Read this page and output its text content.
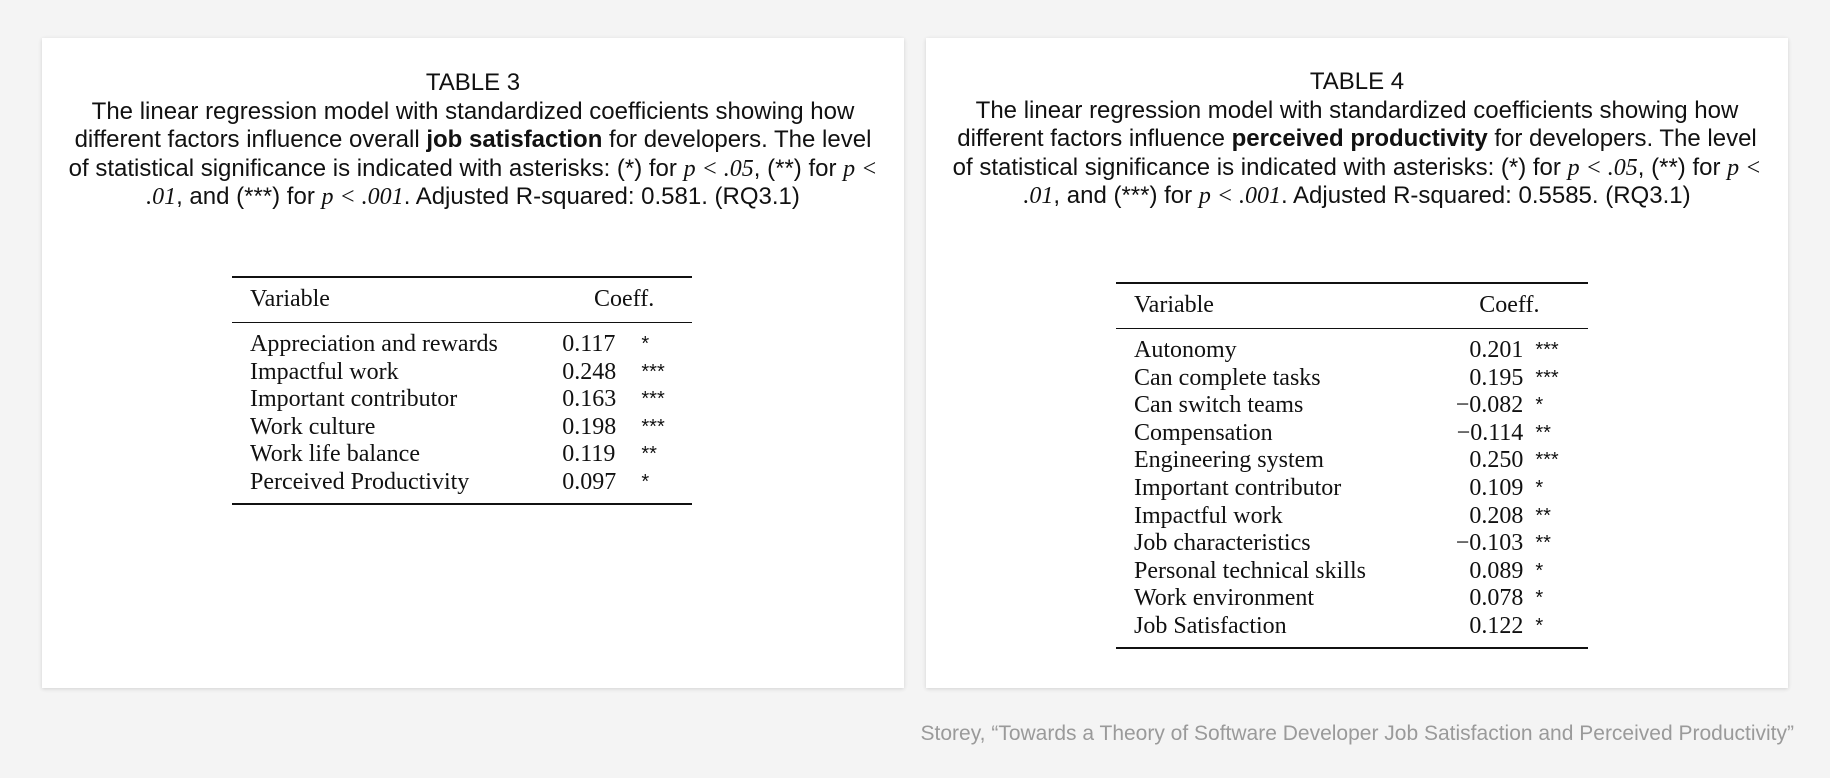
TABLE 3
The linear regression model with standardized coefficients showing how different factors influence overall job satisfaction for developers. The level of statistical significance is indicated with asterisks: (*) for p < .05, (**) for p < .01, and (***) for p < .001. Adjusted R-squared: 0.581. (RQ3.1)
Variable	Coeff.	
Appreciation and rewards	0.117	*
Impactful work	0.248	***
Important contributor	0.163	***
Work culture	0.198	***
Work life balance	0.119	**
Perceived Productivity	0.097	*
TABLE 4
The linear regression model with standardized coefficients showing how different factors influence perceived productivity for developers. The level of statistical significance is indicated with asterisks: (*) for p < .05, (**) for p < .01, and (***) for p < .001. Adjusted R-squared: 0.5585. (RQ3.1)
Variable	Coeff.	
Autonomy	0.201	***
Can complete tasks	0.195	***
Can switch teams	−0.082	*
Compensation	−0.114	**
Engineering system	0.250	***
Important contributor	0.109	*
Impactful work	0.208	**
Job characteristics	−0.103	**
Personal technical skills	0.089	*
Work environment	0.078	*
Job Satisfaction	0.122	*
Storey, “Towards a Theory of Software Developer Job Satisfaction and Perceived Productivity”
